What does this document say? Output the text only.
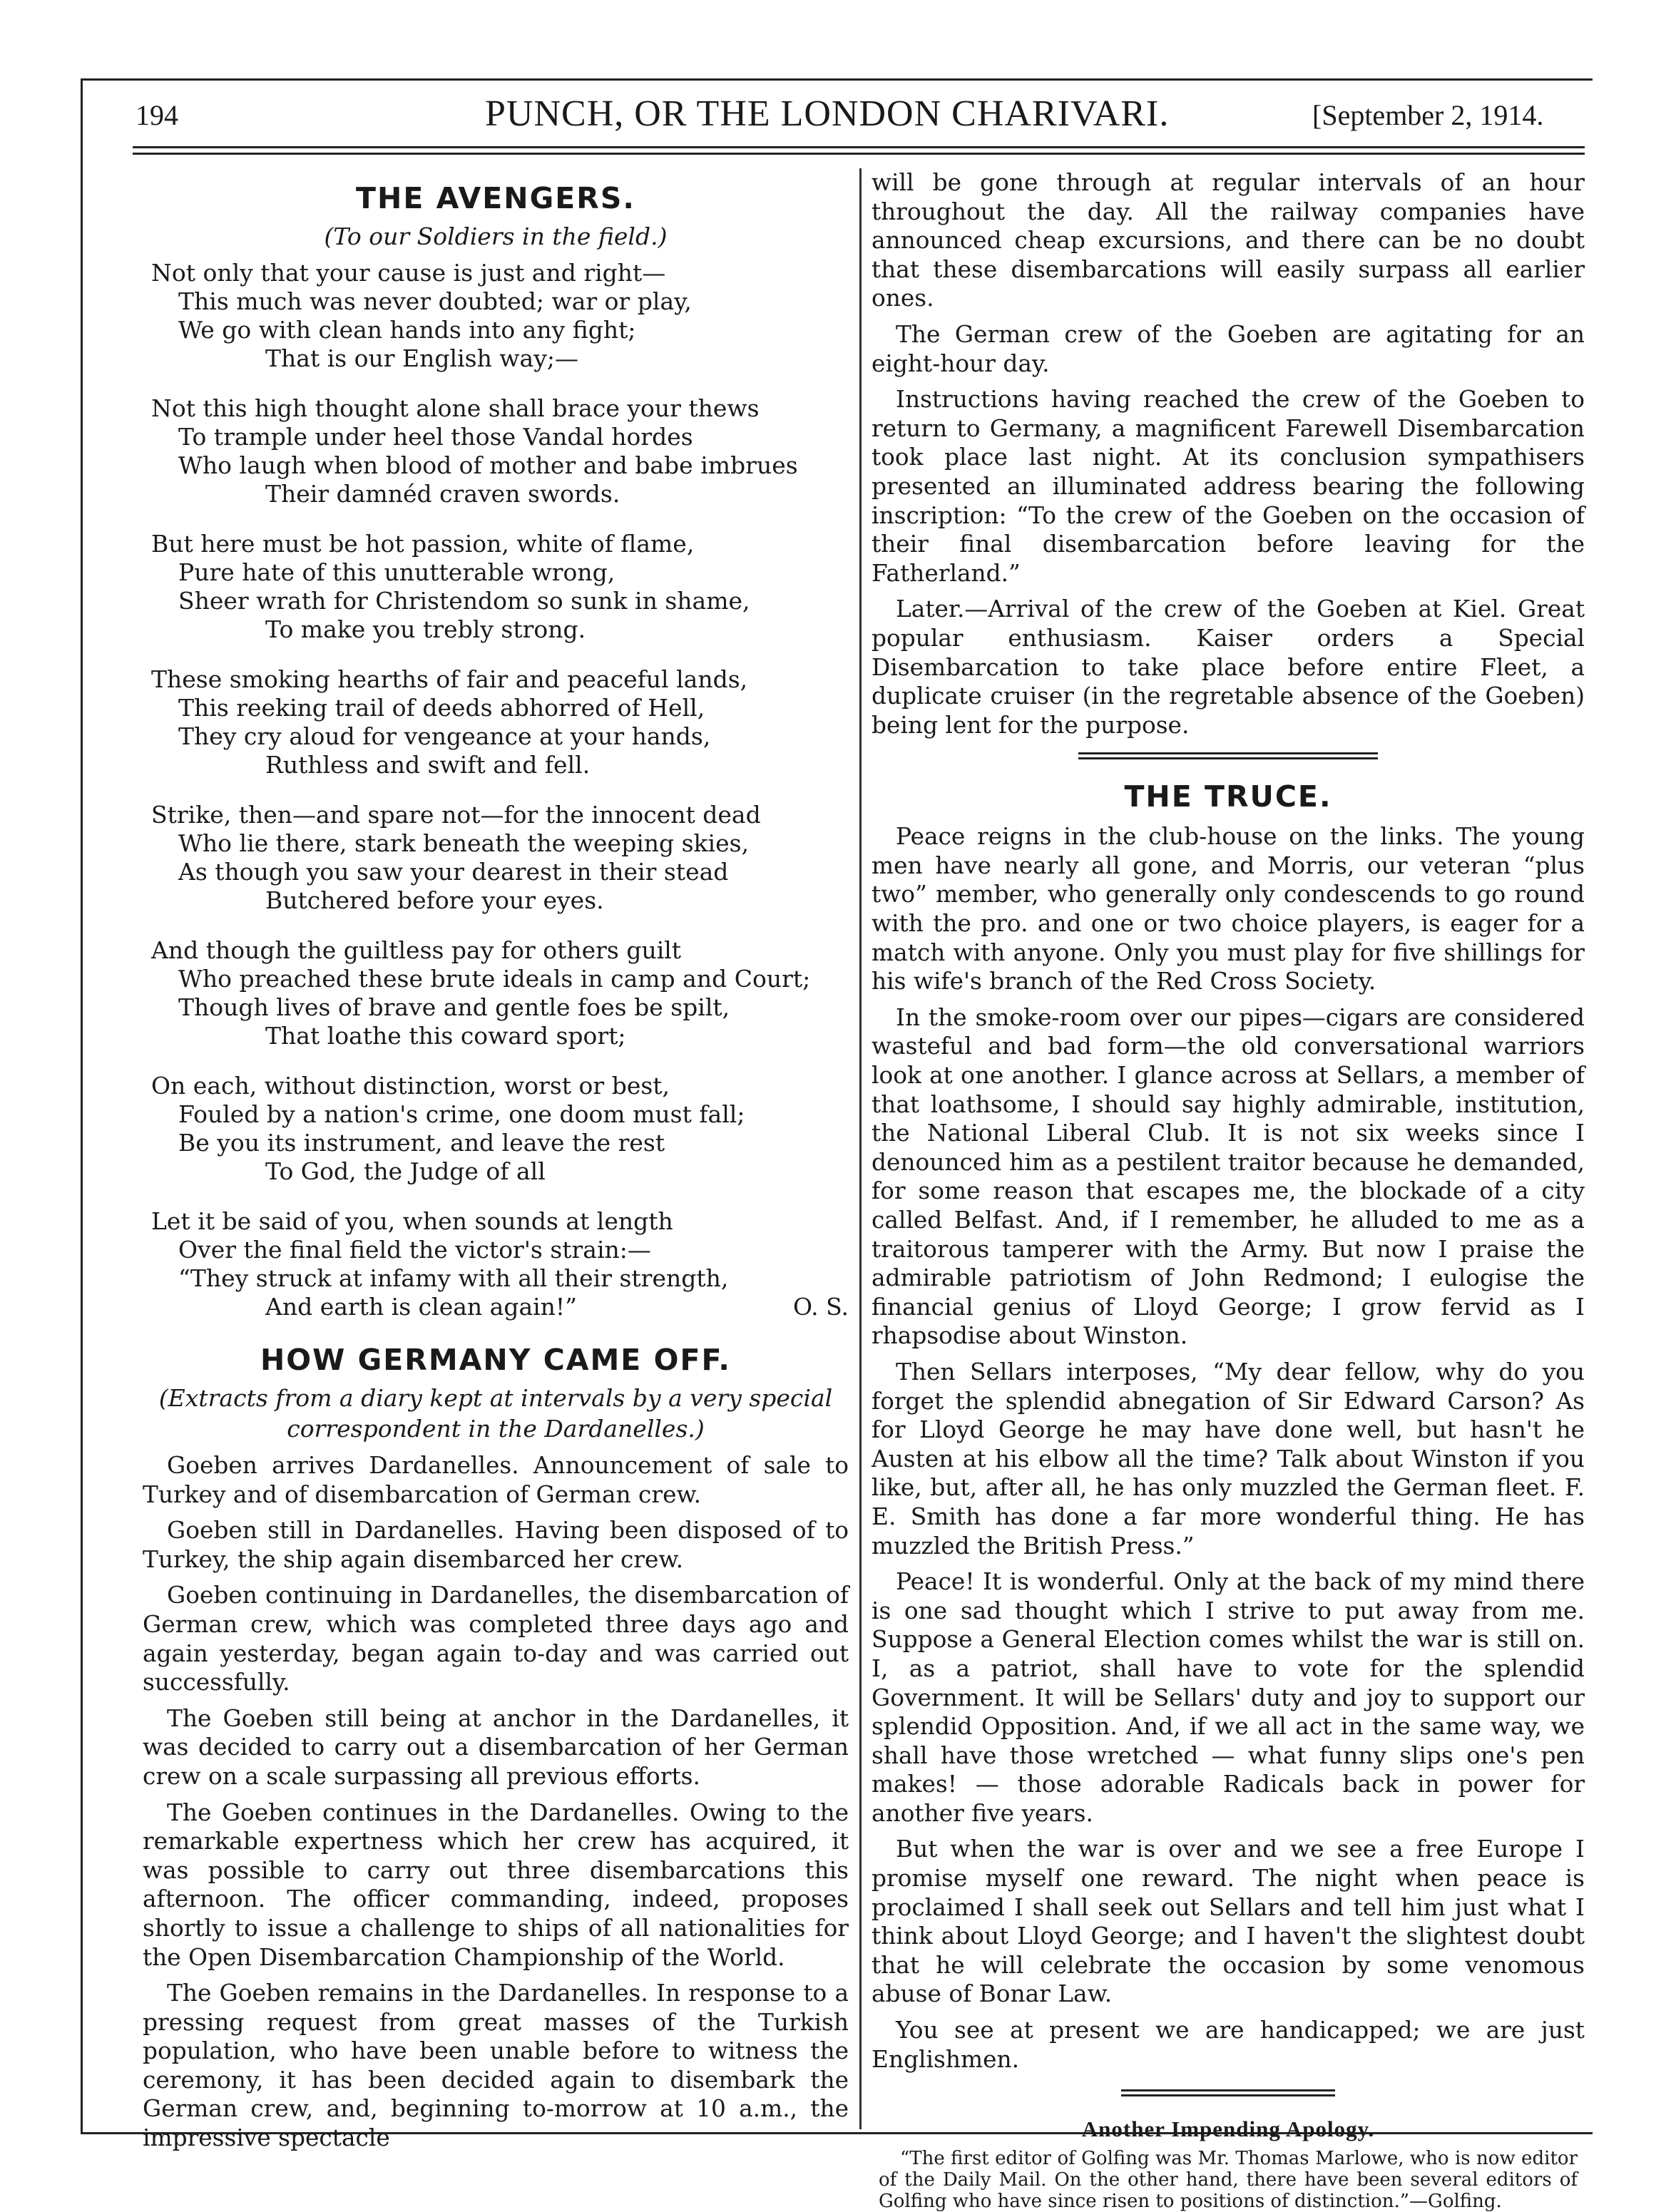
194	PUNCH, OR THE LONDON CHARIVARI.	[September 2, 1914.
THE AVENGERS.
(To our Soldiers in the field.)
Not only that your cause is just and right—
This much was never doubted; war or play,
We go with clean hands into any fight;
That is our English way;—
Not this high thought alone shall brace your thews
To trample under heel those Vandal hordes
Who laugh when blood of mother and babe imbrues
Their damnéd craven swords.
But here must be hot passion, white of flame,
Pure hate of this unutterable wrong,
Sheer wrath for Christendom so sunk in shame,
To make you trebly strong.
These smoking hearths of fair and peaceful lands,
This reeking trail of deeds abhorred of Hell,
They cry aloud for vengeance at your hands,
Ruthless and swift and fell.
Strike, then—and spare not—for the innocent dead
Who lie there, stark beneath the weeping skies,
As though you saw your dearest in their stead
Butchered before your eyes.
And though the guiltless pay for others guilt
Who preached these brute ideals in camp and Court;
Though lives of brave and gentle foes be spilt,
That loathe this coward sport;
On each, without distinction, worst or best,
Fouled by a nation's crime, one doom must fall;
Be you its instrument, and leave the rest
To God, the Judge of all
Let it be said of you, when sounds at length
Over the final field the victor's strain:—
“They struck at infamy with all their strength,
And earth is clean again!”	O. S.
HOW GERMANY CAME OFF.
(Extracts from a diary kept at intervals by a very special correspondent in the Dardanelles.)

Goeben arrives Dardanelles. Announcement of sale to Turkey and of disembarcation of German crew.

Goeben still in Dardanelles. Having been disposed of to Turkey, the ship again disembarced her crew.

Goeben continuing in Dardanelles, the disembarcation of German crew, which was completed three days ago and again yesterday, began again to-day and was carried out successfully.

The Goeben still being at anchor in the Dardanelles, it was decided to carry out a disembarcation of her German crew on a scale surpassing all previous efforts.

The Goeben continues in the Dardanelles. Owing to the remarkable expertness which her crew has acquired, it was possible to carry out three disembarcations this afternoon. The officer commanding, indeed, proposes shortly to issue a challenge to ships of all nationalities for the Open Disembarcation Championship of the World.

The Goeben remains in the Dardanelles. In response to a pressing request from great masses of the Turkish population, who have been unable before to witness the ceremony, it has been decided again to disembark the German crew, and, beginning to-morrow at 10 a.m., the impressive spectacle

will be gone through at regular intervals of an hour throughout the day. All the railway companies have announced cheap excursions, and there can be no doubt that these disembarcations will easily surpass all earlier ones.

The German crew of the Goeben are agitating for an eight-hour day.

Instructions having reached the crew of the Goeben to return to Germany, a magnificent Farewell Disembarcation took place last night. At its conclusion sympathisers presented an illuminated address bearing the following inscription: “To the crew of the Goeben on the occasion of their final disembarcation before leaving for the Fatherland.”

Later.—Arrival of the crew of the Goeben at Kiel. Great popular enthusiasm. Kaiser orders a Special Disembarcation to take place before entire Fleet, a duplicate cruiser (in the regretable absence of the Goeben) being lent for the purpose.

THE TRUCE.

Peace reigns in the club-house on the links. The young men have nearly all gone, and Morris, our veteran “plus two” member, who generally only condescends to go round with the pro. and one or two choice players, is eager for a match with anyone. Only you must play for five shillings for his wife's branch of the Red Cross Society.

In the smoke-room over our pipes—cigars are considered wasteful and bad form—the old conversational warriors look at one another. I glance across at Sellars, a member of that loathsome, I should say highly admirable, institution, the National Liberal Club. It is not six weeks since I denounced him as a pestilent traitor because he demanded, for some reason that escapes me, the blockade of a city called Belfast. And, if I remember, he alluded to me as a traitorous tamperer with the Army. But now I praise the admirable patriotism of John Redmond; I eulogise the financial genius of Lloyd George; I grow fervid as I rhapsodise about Winston.

Then Sellars interposes, “My dear fellow, why do you forget the splendid abnegation of Sir Edward Carson? As for Lloyd George he may have done well, but hasn't he Austen at his elbow all the time? Talk about Winston if you like, but, after all, he has only muzzled the German fleet. F. E. Smith has done a far more wonderful thing. He has muzzled the British Press.”

Peace! It is wonderful. Only at the back of my mind there is one sad thought which I strive to put away from me. Suppose a General Election comes whilst the war is still on. I, as a patriot, shall have to vote for the splendid Government. It will be Sellars' duty and joy to support our splendid Opposition. And, if we all act in the same way, we shall have those wretched — what funny slips one's pen makes! — those adorable Radicals back in power for another five years.

But when the war is over and we see a free Europe I promise myself one reward. The night when peace is proclaimed I shall seek out Sellars and tell him just what I think about Lloyd George; and I haven't the slightest doubt that he will celebrate the occasion by some venomous abuse of Bonar Law.

You see at present we are handicapped; we are just Englishmen.

Another Impending Apology.
“The first editor of Golfing was Mr. Thomas Marlowe, who is now editor of the Daily Mail. On the other hand, there have been several editors of Golfing who have since risen to positions of distinction.”—Golfing.
